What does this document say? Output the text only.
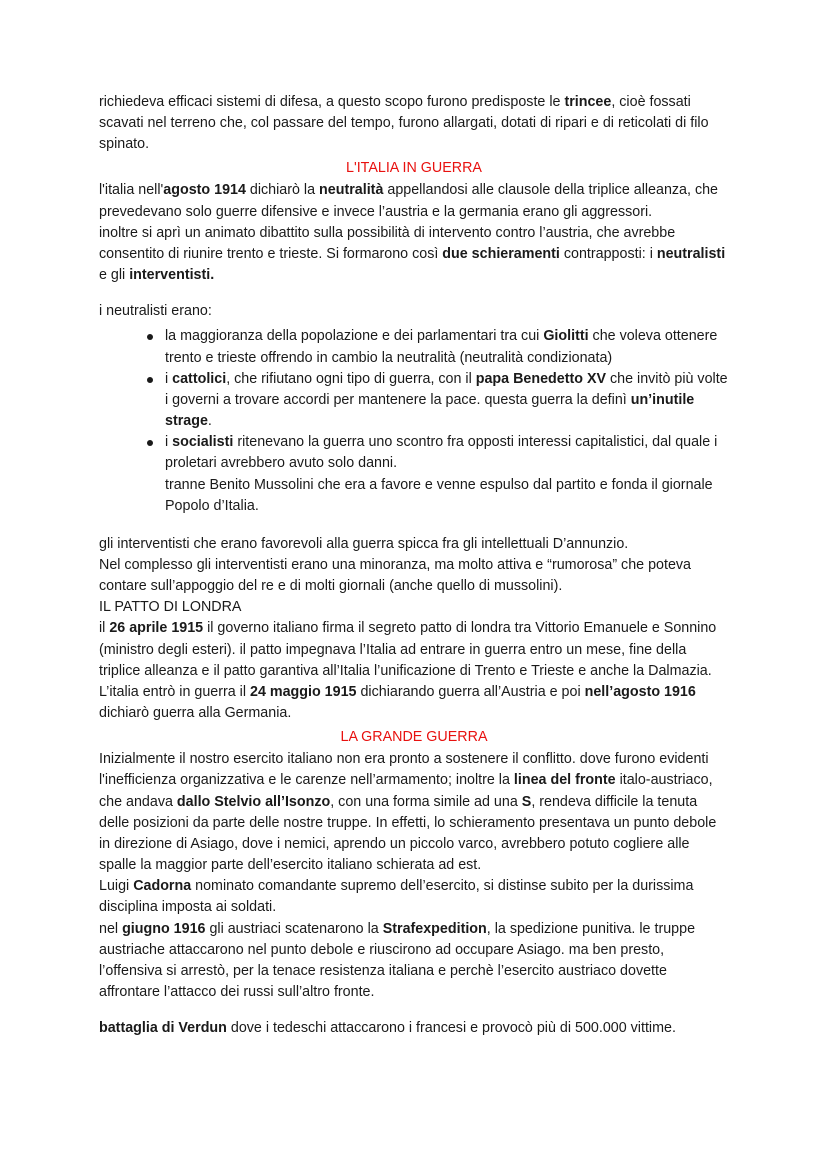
richiedeva efficaci sistemi di difesa, a questo scopo furono predisposte le trincee, cioè fossati scavati nel terreno che, col passare del tempo, furono allargati, dotati di ripari e di reticolati di filo spinato.

L'ITALIA IN GUERRA

l'italia nell'agosto 1914 dichiarò la neutralità appellandosi alle clausole della triplice alleanza, che prevedevano solo guerre difensive e invece l’austria e la germania erano gli aggressori.

inoltre si aprì un animato dibattito sulla possibilità di intervento contro l’austria, che avrebbe consentito di riunire trento e trieste. Si formarono così due schieramenti contrapposti: i neutralisti e gli interventisti.

i neutralisti erano:

la maggioranza della popolazione e dei parlamentari tra cui Giolitti che voleva ottenere trento e trieste offrendo in cambio la neutralità (neutralità condizionata)
i cattolici, che rifiutano ogni tipo di guerra, con il papa Benedetto XV che invitò più volte i governi a trovare accordi per mantenere la pace. questa guerra la definì un’inutile strage.
i socialisti ritenevano la guerra uno scontro fra opposti interessi capitalistici, dal quale i proletari avrebbero avuto solo danni.
tranne Benito Mussolini che era a favore e venne espulso dal partito e fonda il giornale Popolo d’Italia.

gli interventisti che erano favorevoli alla guerra spicca fra gli intellettuali D’annunzio.

Nel complesso gli interventisti erano una minoranza, ma molto attiva e “rumorosa” che poteva contare sull’appoggio del re e di molti giornali (anche quello di mussolini).

IL PATTO DI LONDRA

il 26 aprile 1915 il governo italiano firma il segreto patto di londra tra Vittorio Emanuele e Sonnino (ministro degli esteri). il patto impegnava l’Italia ad entrare in guerra entro un mese, fine della triplice alleanza e il patto garantiva all’Italia l’unificazione di Trento e Trieste e anche la Dalmazia.

L’italia entrò in guerra il 24 maggio 1915 dichiarando guerra all’Austria e poi nell’agosto 1916 dichiarò guerra alla Germania.

LA GRANDE GUERRA

Inizialmente il nostro esercito italiano non era pronto a sostenere il conflitto. dove furono evidenti l'inefficienza organizzativa e le carenze nell’armamento; inoltre la linea del fronte italo-austriaco, che andava dallo Stelvio all’Isonzo, con una forma simile ad una S, rendeva difficile la tenuta delle posizioni da parte delle nostre truppe. In effetti, lo schieramento presentava un punto debole in direzione di Asiago, dove i nemici, aprendo un piccolo varco, avrebbero potuto cogliere alle spalle la maggior parte dell’esercito italiano schierata ad est.

Luigi Cadorna nominato comandante supremo dell’esercito, si distinse subito per la durissima disciplina imposta ai soldati.

nel giugno 1916 gli austriaci scatenarono la Strafexpedition, la spedizione punitiva. le truppe austriache attaccarono nel punto debole e riuscirono ad occupare Asiago. ma ben presto, l’offensiva si arrestò, per la tenace resistenza italiana e perchè l’esercito austriaco dovette affrontare l’attacco dei russi sull’altro fronte.

battaglia di Verdun dove i tedeschi attaccarono i francesi e provocò più di 500.000 vittime.
